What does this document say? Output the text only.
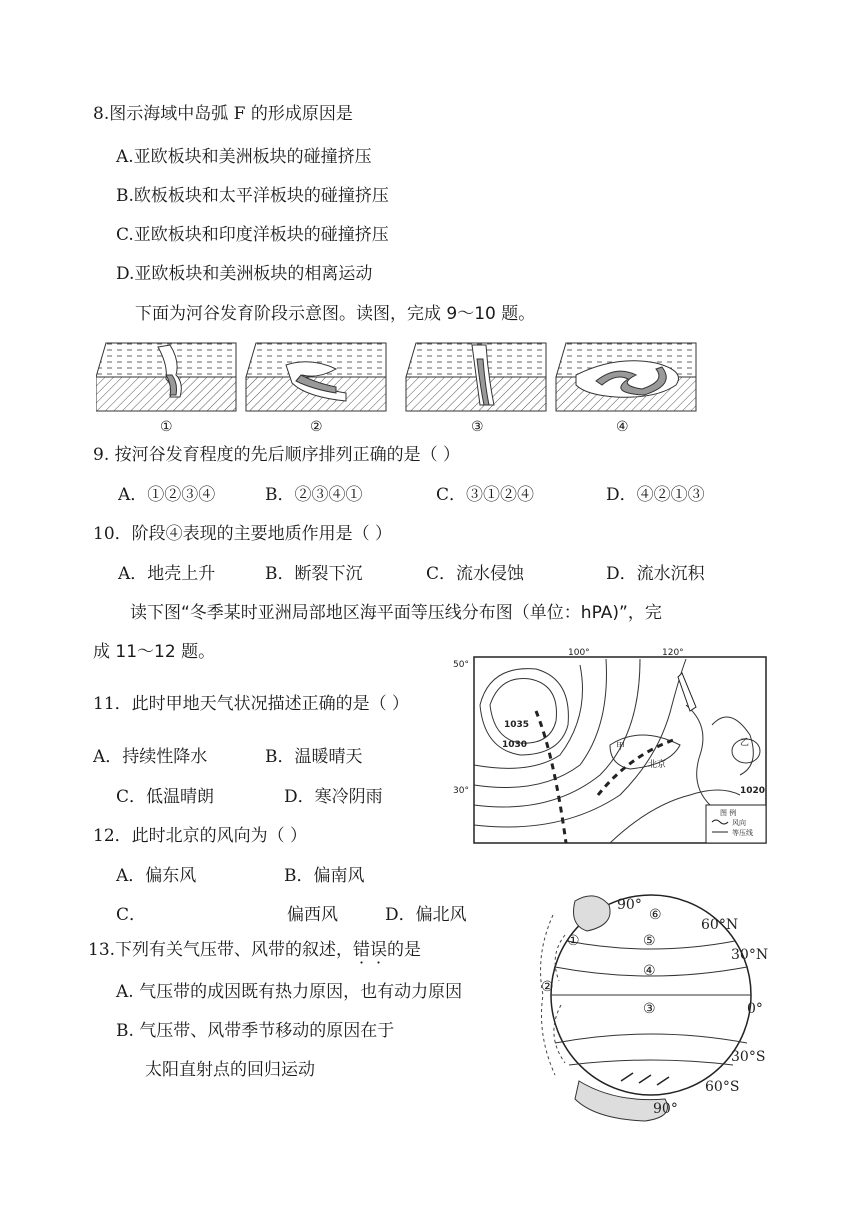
8.图示海域中岛弧 F 的形成原因是
A.亚欧板块和美洲板块的碰撞挤压
B.欧板板块和太平洋板块的碰撞挤压
C.亚欧板块和印度洋板块的碰撞挤压
D.亚欧板块和美洲板块的相离运动
下面为河谷发育阶段示意图。读图，完成 9～10 题。
①	②	③	④
9. 按河谷发育程度的先后顺序排列正确的是（ ）
A．①②③④	B．②③④①	C．③①②④	D．④②①③
10．阶段④表现的主要地质作用是（ ）
A．地壳上升	B．断裂下沉	C．流水侵蚀	D．流水沉积
读下图“冬季某时亚洲局部地区海平面等压线分布图（单位：hPA)”，完
成 11～12 题。
50°
30°
100°	120°
1035
1030
1020
甲
北京
乙
图 例
风向
等压线
11．此时甲地天气状况描述正确的是（ ）
A．持续性降水	B．温暖晴天
C．低温晴朗	D．寒冷阴雨
12．此时北京的风向为（ ）
A．偏东风	B．偏南风
C．	偏西风	D．偏北风
13.下列有关气压带、风带的叙述，错误的是
A. 气压带的成因既有热力原因，也有动力原因
B. 气压带、风带季节移动的原因在于
太阳直射点的回归运动
90°
⑥
60°N
①	⑤
30°N
④
②
③	0°
30°S
60°S
90°
